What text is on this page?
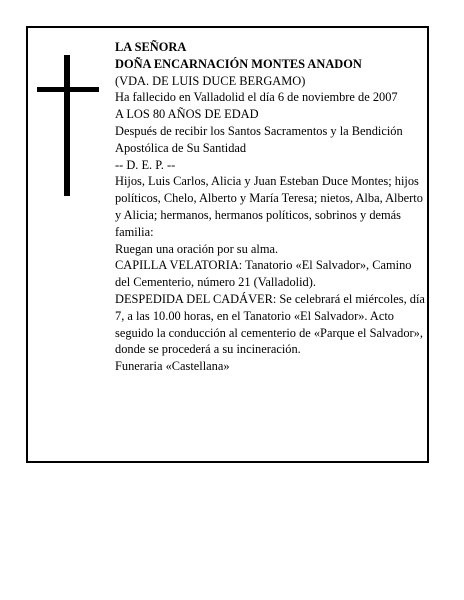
LA SEÑORA

DOÑA ENCARNACIÓN MONTES ANADON

(VDA. DE LUIS DUCE BERGAMO)

Ha fallecido en Valladolid el día 6 de noviembre de 2007

A LOS 80 AÑOS DE EDAD

Después de recibir los Santos Sacramentos y la Bendición Apostólica de Su Santidad

-- D. E. P. --

Hijos, Luis Carlos, Alicia y Juan Esteban Duce Montes; hijos políticos, Chelo, Alberto y María Teresa; nietos, Alba, Alberto y Alicia; hermanos, hermanos políticos, sobrinos y demás familia:

Ruegan una oración por su alma.

CAPILLA VELATORIA: Tanatorio «El Salvador», Camino del Cementerio, número 21 (Valladolid).

DESPEDIDA DEL CADÁVER: Se celebrará el miércoles, día 7, a las 10.00 horas, en el Tanatorio «El Salvador». Acto seguido la conducción al cementerio de «Parque el Salvador», donde se procederá a su incineración.

Funeraria «Castellana»
